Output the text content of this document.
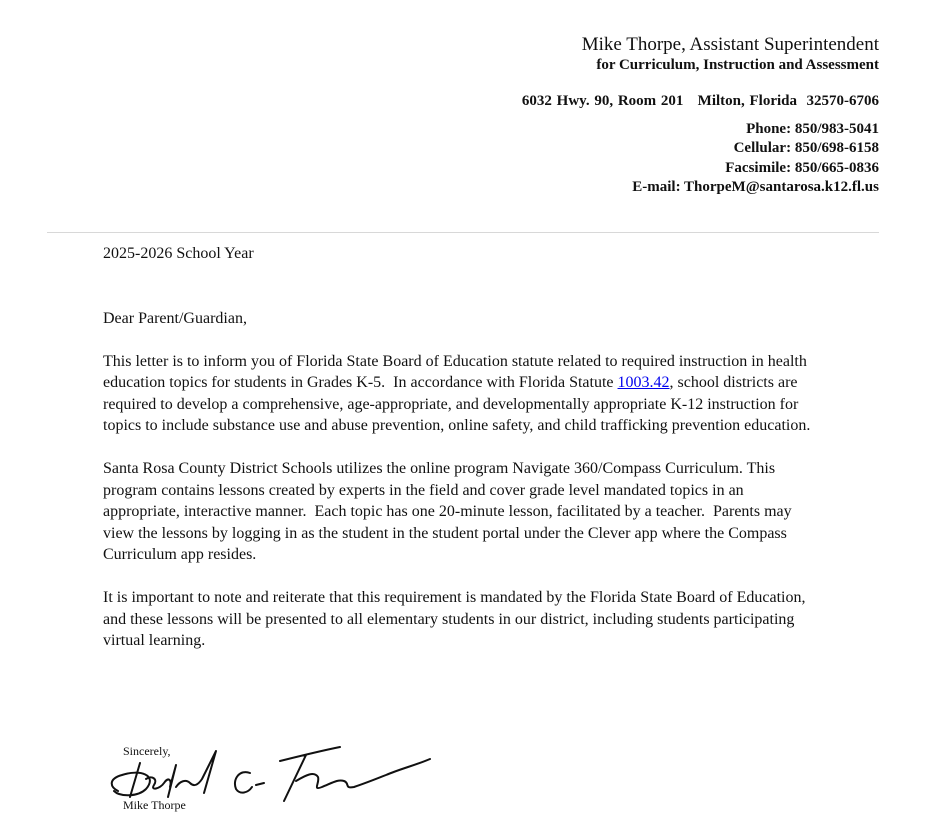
Mike Thorpe, Assistant Superintendent

for Curriculum, Instruction and Assessment

6032 Hwy. 90, Room 201   Milton, Florida  32570-6706
Phone: 850/983-5041
Cellular: 850/698-6158
Facsimile: 850/665-0836
E-mail: ThorpeM@santarosa.k12.fl.us

2025-2026 School Year

Dear Parent/Guardian,

This letter is to inform you of Florida State Board of Education statute related to required instruction in health education topics for students in Grades K-5.  In accordance with Florida Statute 1003.42, school districts are required to develop a comprehensive, age-appropriate, and developmentally appropriate K-12 instruction for topics to include substance use and abuse prevention, online safety, and child trafficking prevention education.

Santa Rosa County District Schools utilizes the online program Navigate 360/Compass Curriculum. This program contains lessons created by experts in the field and cover grade level mandated topics in an appropriate, interactive manner.  Each topic has one 20-minute lesson, facilitated by a teacher.  Parents may view the lessons by logging in as the student in the student portal under the Clever app where the Compass Curriculum app resides.

It is important to note and reiterate that this requirement is mandated by the Florida State Board of Education, and these lessons will be presented to all elementary students in our district, including students participating virtual learning.

Sincerely,
Mike Thorpe
